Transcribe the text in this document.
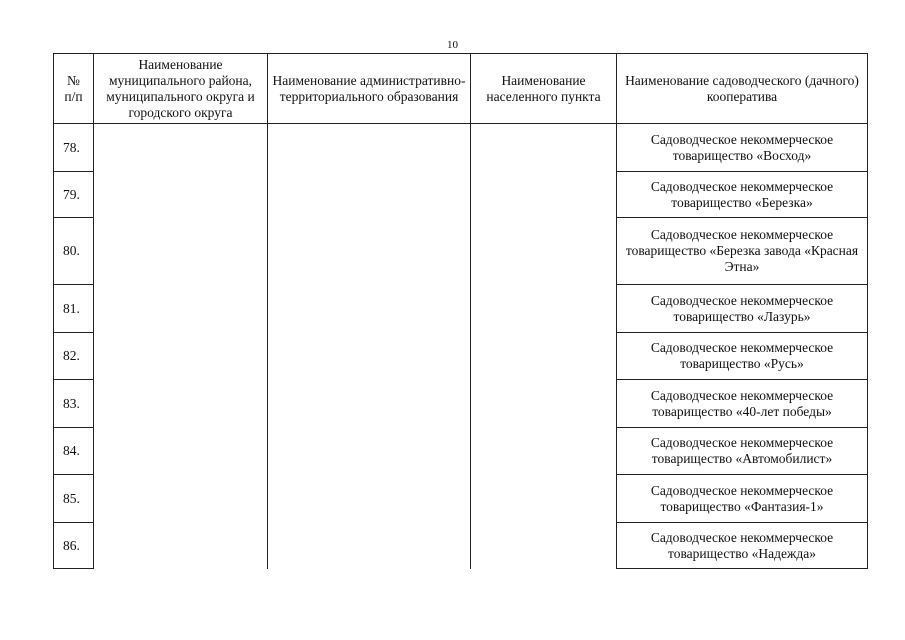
10
№
п/п	Наименование муниципального района, муниципального округа и городского округа	Наименование административно-территориального образования	Наименование населенного пункта	Наименование садоводческого (дачного) кооператива
78.				Садоводческое некоммерческое товарищество «Восход»
79.				Садоводческое некоммерческое товарищество «Березка»
80.				Садоводческое некоммерческое товарищество «Березка завода «Красная Этна»
81.				Садоводческое некоммерческое товарищество «Лазурь»
82.				Садоводческое некоммерческое товарищество «Русь»
83.				Садоводческое некоммерческое товарищество «40-лет победы»
84.				Садоводческое некоммерческое товарищество «Автомобилист»
85.				Садоводческое некоммерческое товарищество «Фантазия-1»
86.				Садоводческое некоммерческое товарищество «Надежда»
